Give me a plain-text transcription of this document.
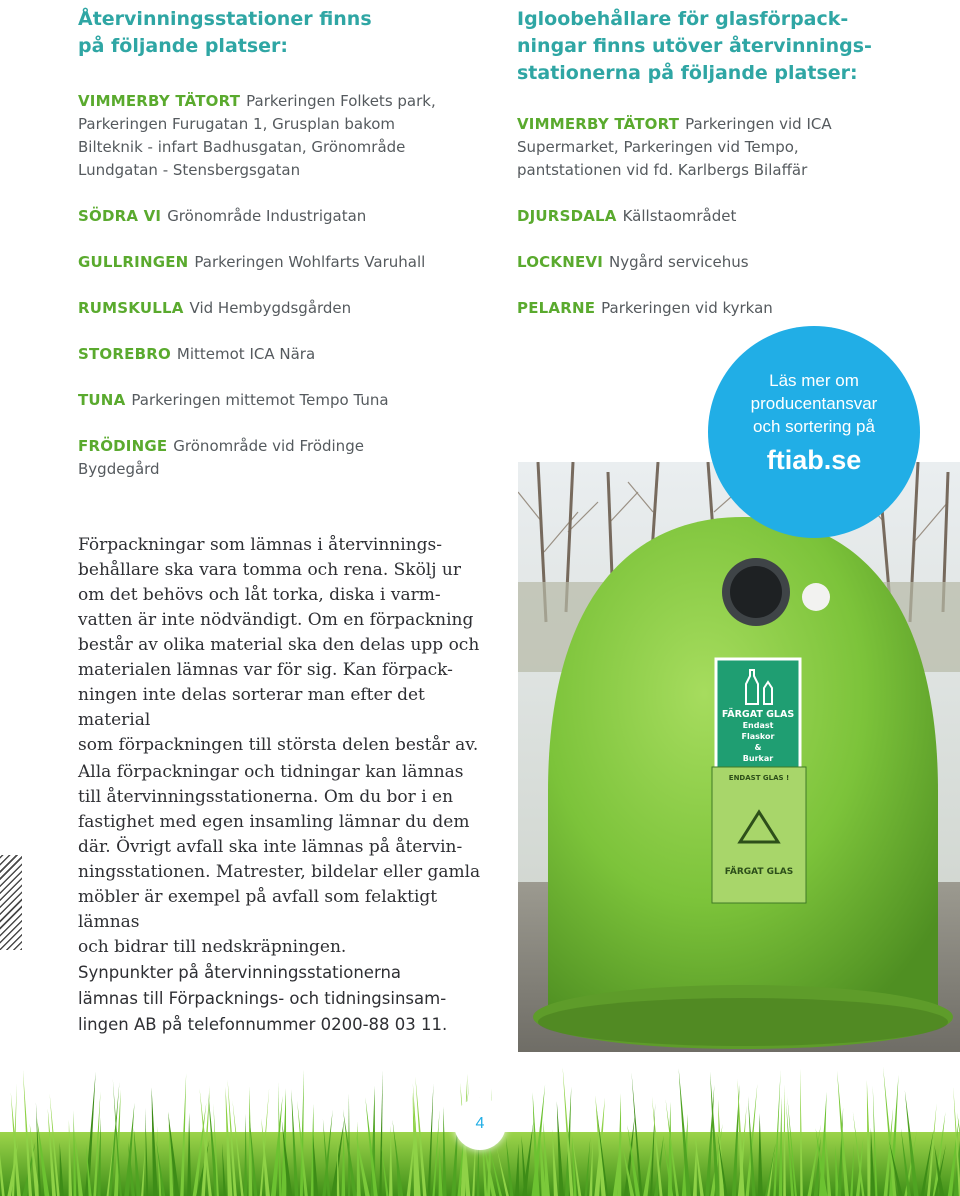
Återvinningsstationer finns
på följande platser:
VIMMERBY TÄTORT Parkeringen Folkets park,
Parkeringen Furugatan 1, Grusplan bakom
Bilteknik - infart Badhusgatan, Grönområde
Lundgatan - Stensbergsgatan
SÖDRA VI Grönområde Industrigatan
GULLRINGEN Parkeringen Wohlfarts Varuhall
RUMSKULLA Vid Hembygdsgården
STOREBRO Mittemot ICA Nära
TUNA Parkeringen mittemot Tempo Tuna
FRÖDINGE Grönområde vid Frödinge
Bygdegård
Igloobehållare för glasförpack-
ningar finns utöver återvinnings-
stationerna på följande platser:
VIMMERBY TÄTORT Parkeringen vid ICA
Supermarket, Parkeringen vid Tempo,
pantstationen vid fd. Karlbergs Bilaffär
DJURSDALA Källstaområdet
LOCKNEVI Nygård servicehus
PELARNE Parkeringen vid kyrkan
FÄRGAT GLAS
Endast
Flaskor
&
Burkar
ENDAST GLAS !
FÄRGAT GLAS
Läs mer om
producentansvar
och sortering på
ftiab.se
Förpackningar som lämnas i återvinnings-
behållare ska vara tomma och rena. Skölj ur
om det behövs och låt torka, diska i varm-
vatten är inte nödvändigt. Om en förpackning
består av olika material ska den delas upp och
materialen lämnas var för sig. Kan förpack-
ningen inte delas sorterar man efter det material
som förpackningen till största delen består av.
Alla förpackningar och tidningar kan lämnas
till återvinningsstationerna. Om du bor i en
fastighet med egen insamling lämnar du dem
där. Övrigt avfall ska inte lämnas på återvin-
ningsstationen. Matrester, bildelar eller gamla
möbler är exempel på avfall som felaktigt lämnas
och bidrar till nedskräpningen.
Synpunkter på återvinningsstationerna
lämnas till Förpacknings- och tidningsinsam-
lingen AB på telefonnummer 0200-88 03 11.
4
